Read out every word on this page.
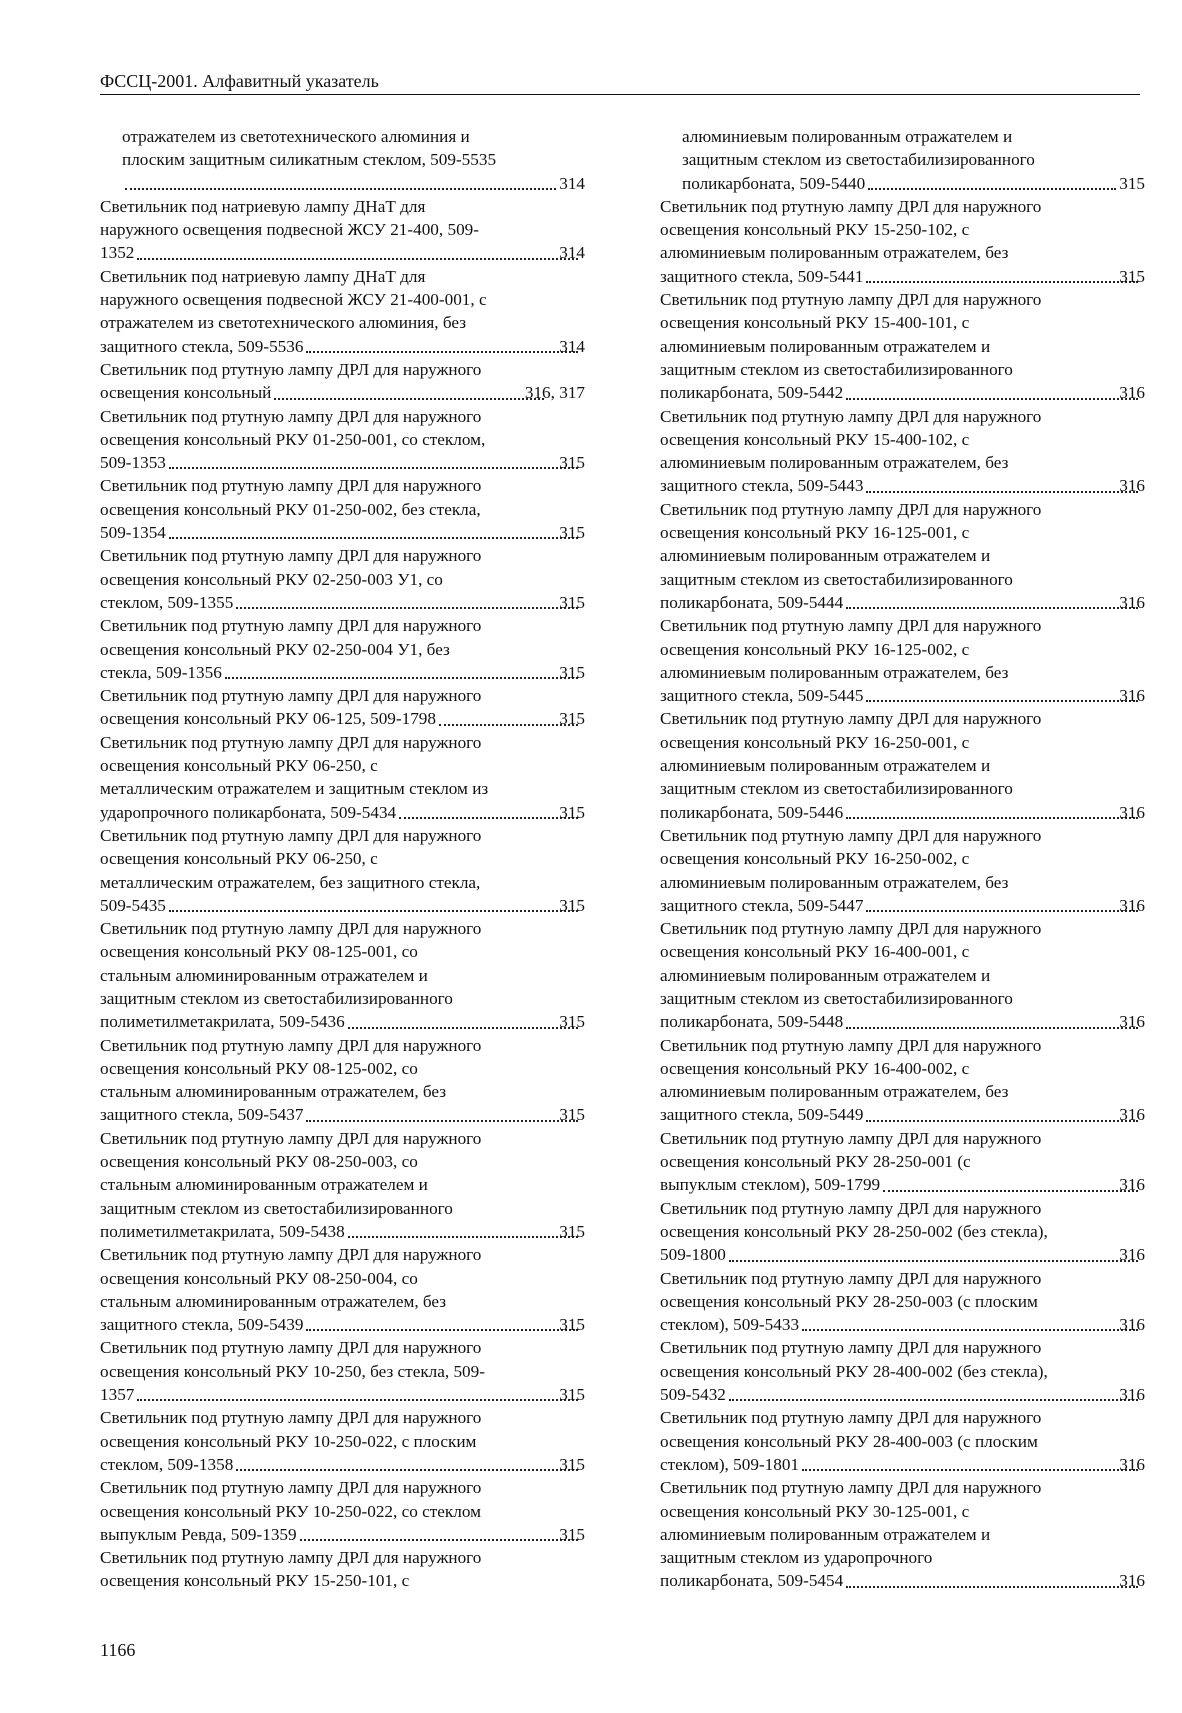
ФССЦ-2001. Алфавитный указатель
отражателем из светотехнического алюминия и
плоским защитным силикатным стеклом, 509-5535
314
Светильник под натриевую лампу ДНаТ для
наружного освещения подвесной ЖСУ 21-400, 509-
1352	314
Светильник под натриевую лампу ДНаТ для
наружного освещения подвесной ЖСУ 21-400-001, с
отражателем из светотехнического алюминия, без
защитного стекла, 509-5536	314
Светильник под ртутную лампу ДРЛ для наружного
освещения консольный	316, 317
Светильник под ртутную лампу ДРЛ для наружного
освещения консольный РКУ 01-250-001, со стеклом,
509-1353	315
Светильник под ртутную лампу ДРЛ для наружного
освещения консольный РКУ 01-250-002, без стекла,
509-1354	315
Светильник под ртутную лампу ДРЛ для наружного
освещения консольный РКУ 02-250-003 У1, со
стеклом, 509-1355	315
Светильник под ртутную лампу ДРЛ для наружного
освещения консольный РКУ 02-250-004 У1, без
стекла, 509-1356	315
Светильник под ртутную лампу ДРЛ для наружного
освещения консольный РКУ 06-125, 509-1798	315
Светильник под ртутную лампу ДРЛ для наружного
освещения консольный РКУ 06-250, с
металлическим отражателем и защитным стеклом из
ударопрочного поликарбоната, 509-5434	315
Светильник под ртутную лампу ДРЛ для наружного
освещения консольный РКУ 06-250, с
металлическим отражателем, без защитного стекла,
509-5435	315
Светильник под ртутную лампу ДРЛ для наружного
освещения консольный РКУ 08-125-001, со
стальным алюминированным отражателем и
защитным стеклом из светостабилизированного
полиметилметакрилата, 509-5436	315
Светильник под ртутную лампу ДРЛ для наружного
освещения консольный РКУ 08-125-002, со
стальным алюминированным отражателем, без
защитного стекла, 509-5437	315
Светильник под ртутную лампу ДРЛ для наружного
освещения консольный РКУ 08-250-003, со
стальным алюминированным отражателем и
защитным стеклом из светостабилизированного
полиметилметакрилата, 509-5438	315
Светильник под ртутную лампу ДРЛ для наружного
освещения консольный РКУ 08-250-004, со
стальным алюминированным отражателем, без
защитного стекла, 509-5439	315
Светильник под ртутную лампу ДРЛ для наружного
освещения консольный РКУ 10-250, без стекла, 509-
1357	315
Светильник под ртутную лампу ДРЛ для наружного
освещения консольный РКУ 10-250-022, с плоским
стеклом, 509-1358	315
Светильник под ртутную лампу ДРЛ для наружного
освещения консольный РКУ 10-250-022, со стеклом
выпуклым Ревда, 509-1359	315
Светильник под ртутную лампу ДРЛ для наружного
освещения консольный РКУ 15-250-101, с
алюминиевым полированным отражателем и
защитным стеклом из светостабилизированного
поликарбоната, 509-5440	315
Светильник под ртутную лампу ДРЛ для наружного
освещения консольный РКУ 15-250-102, с
алюминиевым полированным отражателем, без
защитного стекла, 509-5441	315
Светильник под ртутную лампу ДРЛ для наружного
освещения консольный РКУ 15-400-101, с
алюминиевым полированным отражателем и
защитным стеклом из светостабилизированного
поликарбоната, 509-5442	316
Светильник под ртутную лампу ДРЛ для наружного
освещения консольный РКУ 15-400-102, с
алюминиевым полированным отражателем, без
защитного стекла, 509-5443	316
Светильник под ртутную лампу ДРЛ для наружного
освещения консольный РКУ 16-125-001, с
алюминиевым полированным отражателем и
защитным стеклом из светостабилизированного
поликарбоната, 509-5444	316
Светильник под ртутную лампу ДРЛ для наружного
освещения консольный РКУ 16-125-002, с
алюминиевым полированным отражателем, без
защитного стекла, 509-5445	316
Светильник под ртутную лампу ДРЛ для наружного
освещения консольный РКУ 16-250-001, с
алюминиевым полированным отражателем и
защитным стеклом из светостабилизированного
поликарбоната, 509-5446	316
Светильник под ртутную лампу ДРЛ для наружного
освещения консольный РКУ 16-250-002, с
алюминиевым полированным отражателем, без
защитного стекла, 509-5447	316
Светильник под ртутную лампу ДРЛ для наружного
освещения консольный РКУ 16-400-001, с
алюминиевым полированным отражателем и
защитным стеклом из светостабилизированного
поликарбоната, 509-5448	316
Светильник под ртутную лампу ДРЛ для наружного
освещения консольный РКУ 16-400-002, с
алюминиевым полированным отражателем, без
защитного стекла, 509-5449	316
Светильник под ртутную лампу ДРЛ для наружного
освещения консольный РКУ 28-250-001 (с
выпуклым стеклом), 509-1799	316
Светильник под ртутную лампу ДРЛ для наружного
освещения консольный РКУ 28-250-002 (без стекла),
509-1800	316
Светильник под ртутную лампу ДРЛ для наружного
освещения консольный РКУ 28-250-003 (с плоским
стеклом), 509-5433	316
Светильник под ртутную лампу ДРЛ для наружного
освещения консольный РКУ 28-400-002 (без стекла),
509-5432	316
Светильник под ртутную лампу ДРЛ для наружного
освещения консольный РКУ 28-400-003 (с плоским
стеклом), 509-1801	316
Светильник под ртутную лампу ДРЛ для наружного
освещения консольный РКУ 30-125-001, с
алюминиевым полированным отражателем и
защитным стеклом из ударопрочного
поликарбоната, 509-5454	316
1166
